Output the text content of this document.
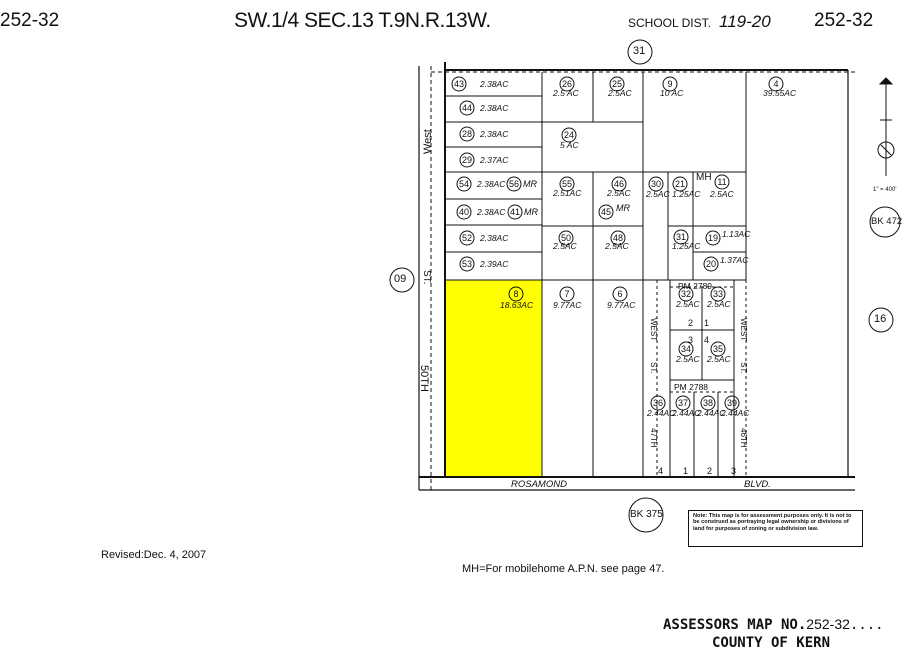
252-32	SW.1/4 SEC.13 T.9N.R.13W.	SCHOOL DIST. 119-20 252-32
43
44
28
29
54	56
40	41
52
53
26	25	9	4
24
55	46
45
30 21	11
50	48	31 19
20
8	7	6	32 33
34 35
36 37 38 39
31
09
16
BK 472
BK 375
1" = 400'
West
ST.
50TH
ROSAMOND	BLVD.
WEST
ST.
47TH
WEST
ST.
46TH
PM 2789
PM 2788
MH
2.38AC
2.38AC
2.38AC
2.37AC
2.38AC MR
2.38AC MR
2.38AC
2.39AC
2.5 AC	2.5AC	10 AC	39.55AC
5 AC
2.51AC	2.5AC
MR
2.5AC 1.25AC 2.5AC
2.5AC	2.5AC	1.25AC
1.13AC
1.37AC
18.63AC 9.77AC	9.77AC	2.5AC 2.5AC
2.5AC 2.5AC
2.44AC
2.44AC
2.44AC
2.44AC
2 1
3 4
1 2 3
4
Note: This map is for assessment purposes only. It is not to be construed as portraying legal ownership or divisions of land for purposes of zoning or subdivision law.
Revised:Dec. 4, 2007
MH=For mobilehome A.P.N. see page 47.
ASSESSORS MAP NO.252-32....
COUNTY OF KERN
